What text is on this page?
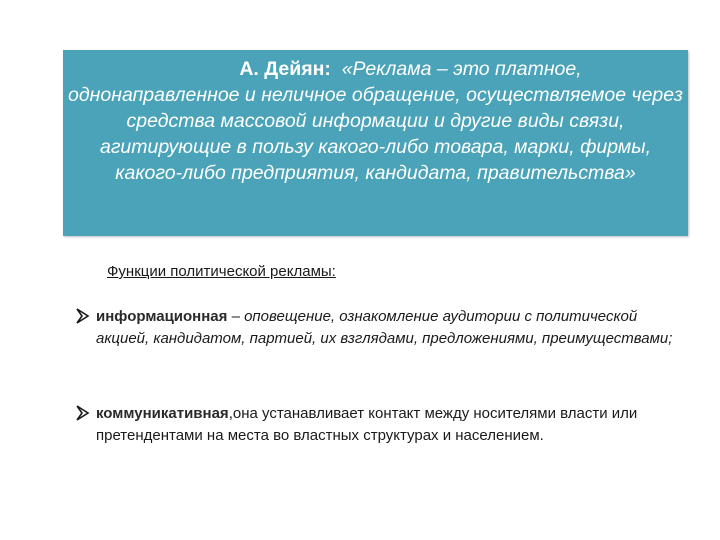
А. Дейян: «Реклама – это платное,
однонаправленное и неличное обращение, осуществляемое через средства массовой информации и другие виды связи, агитирующие в пользу какого-либо товара, марки, фирмы, какого-либо предприятия, кандидата, правительства»
Функции политической рекламы:
информационная – оповещение, ознакомление аудитории с политической акцией, кандидатом, партией, их взглядами, предложениями, преимуществами;
коммуникативная,она устанавливает контакт между носителями власти или претендентами на места во властных структурах и населением.
